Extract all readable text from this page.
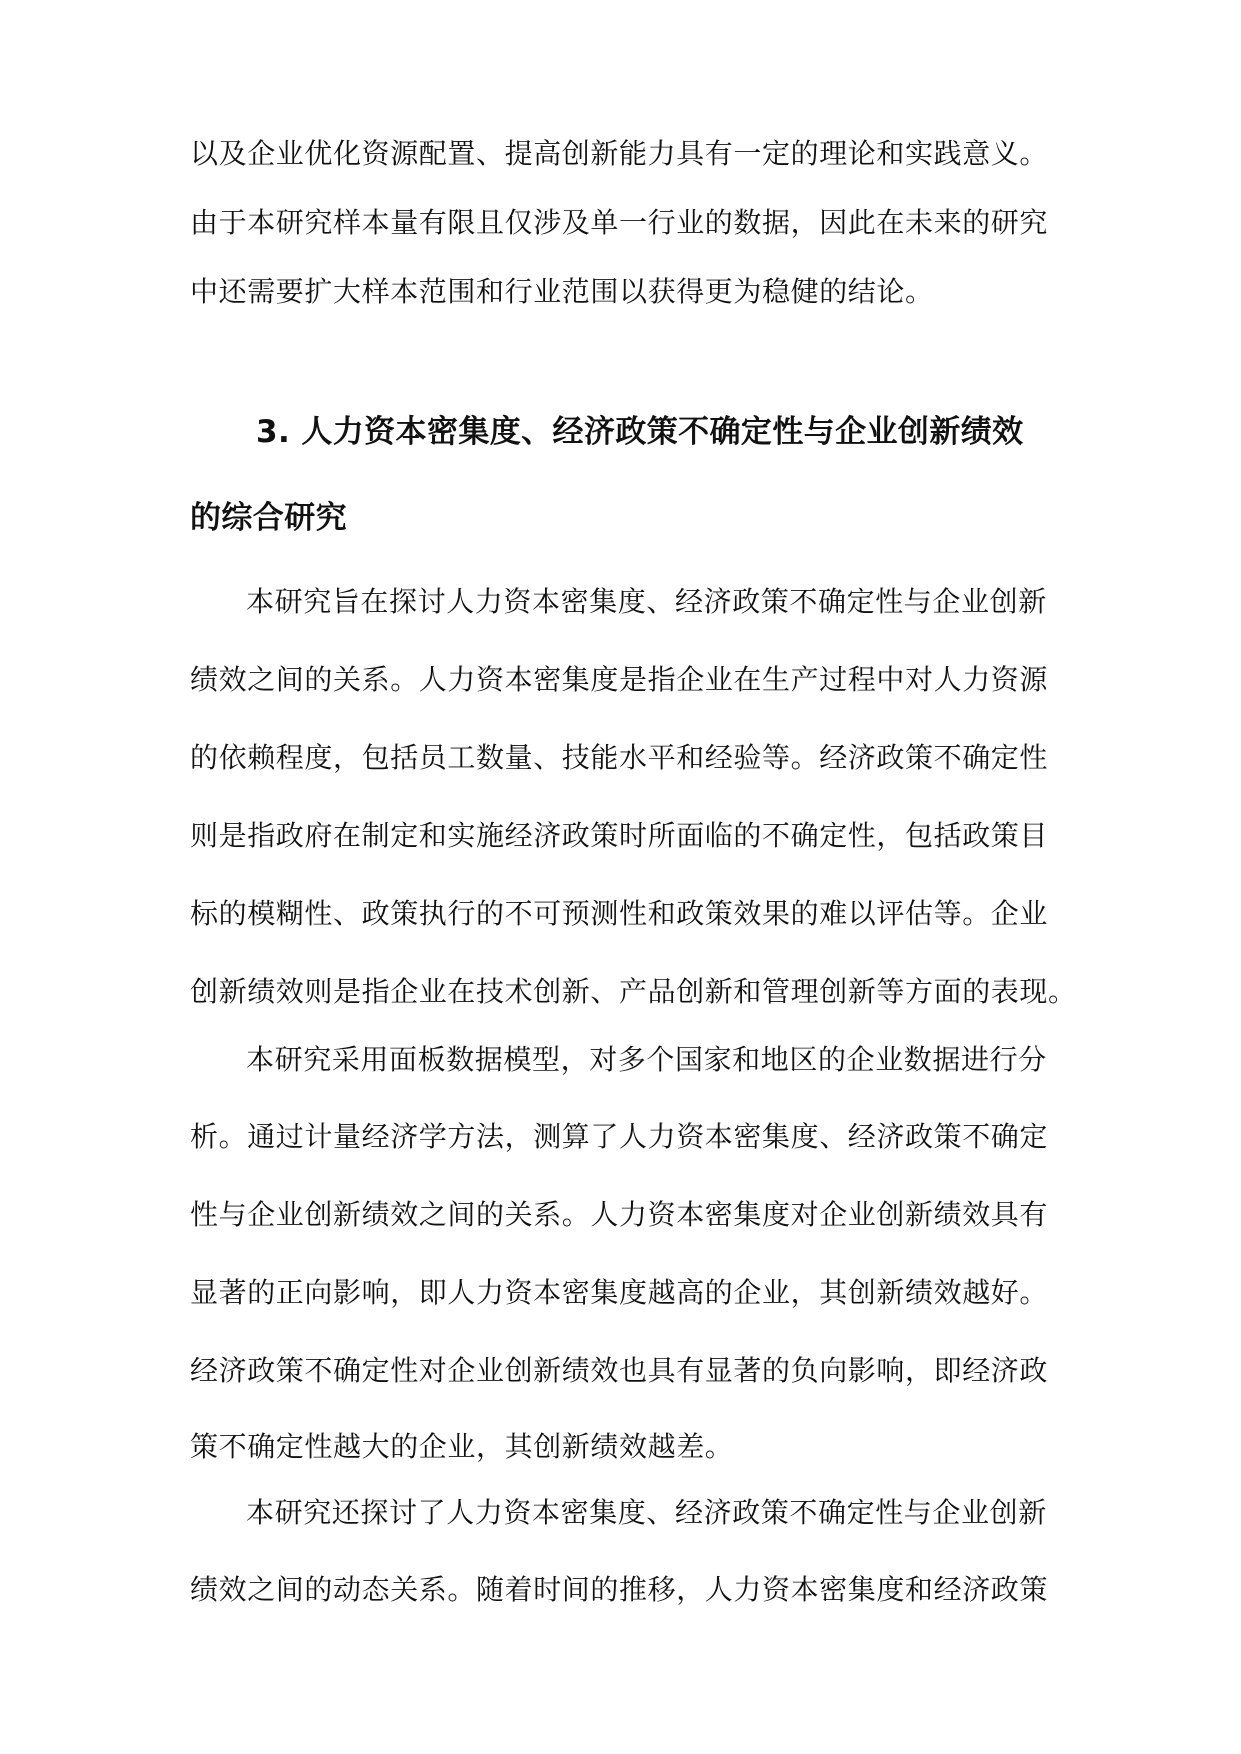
以及企业优化资源配置、提高创新能力具有一定的理论和实践意义。
由于本研究样本量有限且仅涉及单一行业的数据，因此在未来的研究
中还需要扩大样本范围和行业范围以获得更为稳健的结论。
3. 人力资本密集度、经济政策不确定性与企业创新绩效
的综合研究
本研究旨在探讨人力资本密集度、经济政策不确定性与企业创新
绩效之间的关系。人力资本密集度是指企业在生产过程中对人力资源
的依赖程度，包括员工数量、技能水平和经验等。经济政策不确定性
则是指政府在制定和实施经济政策时所面临的不确定性，包括政策目
标的模糊性、政策执行的不可预测性和政策效果的难以评估等。企业
创新绩效则是指企业在技术创新、产品创新和管理创新等方面的表现。
本研究采用面板数据模型，对多个国家和地区的企业数据进行分
析。通过计量经济学方法，测算了人力资本密集度、经济政策不确定
性与企业创新绩效之间的关系。人力资本密集度对企业创新绩效具有
显著的正向影响，即人力资本密集度越高的企业，其创新绩效越好。
经济政策不确定性对企业创新绩效也具有显著的负向影响，即经济政
策不确定性越大的企业，其创新绩效越差。
本研究还探讨了人力资本密集度、经济政策不确定性与企业创新
绩效之间的动态关系。随着时间的推移，人力资本密集度和经济政策
